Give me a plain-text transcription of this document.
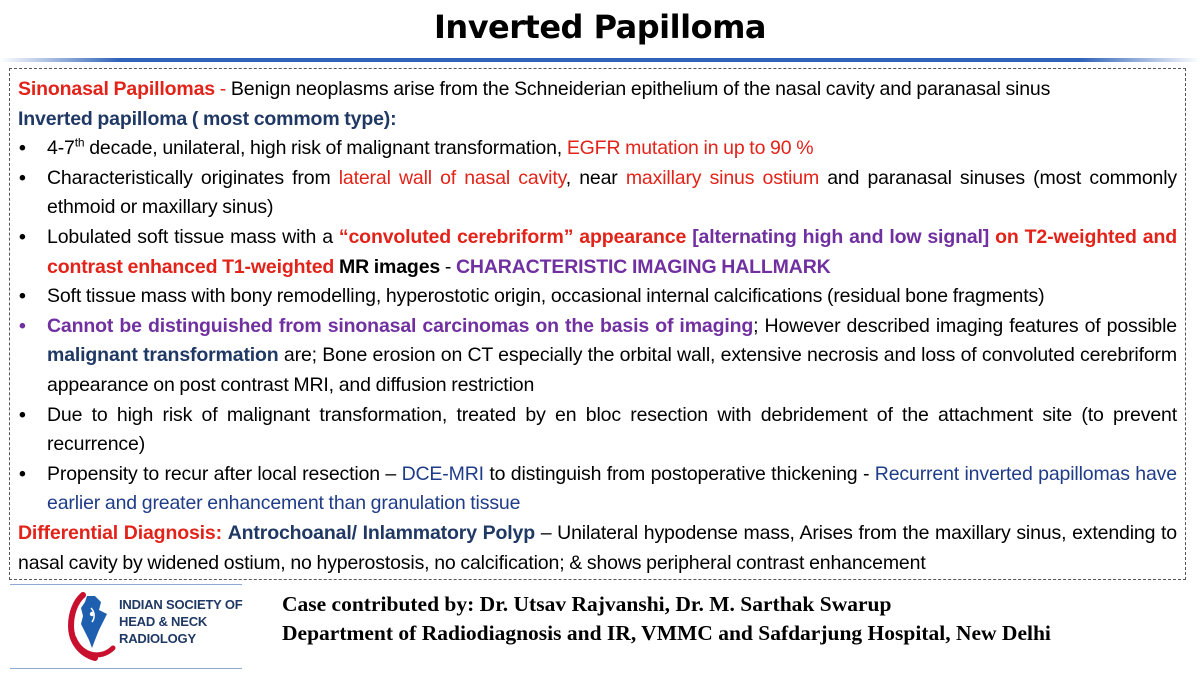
Inverted Papilloma

Sinonasal Papillomas - Benign neoplasms arise from the Schneiderian epithelium of the nasal cavity and paranasal sinus

Inverted papilloma ( most commom type):

• 4-7th decade, unilateral, high risk of malignant transformation, EGFR mutation in up to 90 %
• Characteristically originates from lateral wall of nasal cavity, near maxillary sinus ostium and paranasal sinuses (most commonly ethmoid or maxillary sinus)
• Lobulated soft tissue mass with a “convoluted cerebriform” appearance [alternating high and low signal] on T2-weighted and contrast enhanced T1-weighted MR images - CHARACTERISTIC IMAGING HALLMARK
• Soft tissue mass with bony remodelling, hyperostotic origin, occasional internal calcifications (residual bone fragments)
• Cannot be distinguished from sinonasal carcinomas on the basis of imaging; However described imaging features of possible malignant transformation are; Bone erosion on CT especially the orbital wall, extensive necrosis and loss of convoluted cerebriform appearance on post contrast MRI, and diffusion restriction
• Due to high risk of malignant transformation, treated by en bloc resection with debridement of the attachment site (to prevent recurrence)
• Propensity to recur after local resection – DCE-MRI to distinguish from postoperative thickening - Recurrent inverted papillomas have earlier and greater enhancement than granulation tissue

Differential Diagnosis: Antrochoanal/ Inlammatory Polyp – Unilateral hypodense mass, Arises from the maxillary sinus, extending to nasal cavity by widened ostium, no hyperostosis, no calcification; & shows peripheral contrast enhancement

INDIAN SOCIETY OF
HEAD & NECK
RADIOLOGY
Case contributed by: Dr. Utsav Rajvanshi, Dr. M. Sarthak Swarup
Department of Radiodiagnosis and IR, VMMC and Safdarjung Hospital, New Delhi
